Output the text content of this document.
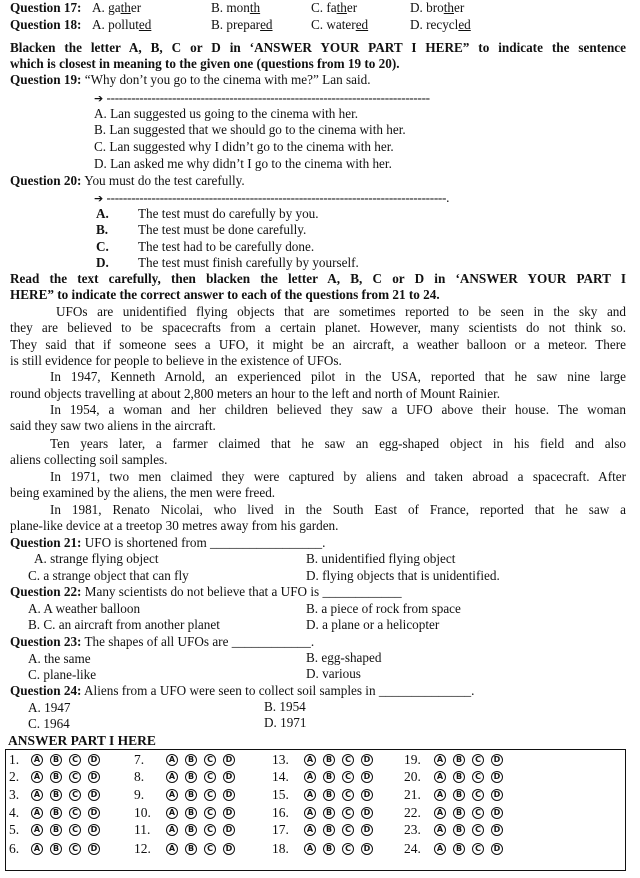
Question 17: A. gather	B. month	C. father	D. brother
Question 18: A. polluted	B. prepared	C. watered	D. recycled
Blacken the letter A, B, C or D in ‘ANSWER YOUR PART I HERE” to indicate the sentence
which is closest in meaning to the given one (questions from 19 to 20).
Question 19: “Why don’t you go to the cinema with me?” Lan said.
➔ -------------------------------------------------------------------------------
A. Lan suggested us going to the cinema with her.
B. Lan suggested that we should go to the cinema with her.
C. Lan suggested why I didn’t go to the cinema with her.
D. Lan asked me why didn’t I go to the cinema with her.
Question 20: You must do the test carefully.
➔ -----------------------------------------------------------------------------------.
A. The test must do carefully by you.
B. The test must be done carefully.
C. The test had to be carefully done.
D. The test must finish carefully by yourself.
Read the text carefully, then blacken the letter A, B, C or D in ‘ANSWER YOUR PART I
HERE” to indicate the correct answer to each of the questions from 21 to 24.
UFOs are unidentified flying objects that are sometimes reported to be seen in the sky and
they are believed to be spacecrafts from a certain planet. However, many scientists do not think so.
They said that if someone sees a UFO, it might be an aircraft, a weather balloon or a meteor. There
is still evidence for people to believe in the existence of UFOs.
In 1947, Kenneth Arnold, an experienced pilot in the USA, reported that he saw nine large
round objects travelling at about 2,800 meters an hour to the left and north of Mount Rainier.
In 1954, a woman and her children believed they saw a UFO above their house. The woman
said they saw two aliens in the aircraft.
Ten years later, a farmer claimed that he saw an egg-shaped object in his field and also
aliens collecting soil samples.
In 1971, two men claimed they were captured by aliens and taken abroad a spacecraft. After
being examined by the aliens, the men were freed.
In 1981, Renato Nicolai, who lived in the South East of France, reported that he saw a
plane-like device at a treetop 30 metres away from his garden.
Question 21: UFO is shortened from _________________.
A. strange flying object	B. unidentified flying object
C. a strange object that can fly	D. flying objects that is unidentified.
Question 22: Many scientists do not believe that a UFO is ____________
A. A weather balloon	B. a piece of rock from space
B. C. an aircraft from another planet	D. a plane or a helicopter
Question 23: The shapes of all UFOs are ____________.
A. the same	B. egg-shaped
C. plane-like	D. various
Question 24: Aliens from a UFO were seen to collect soil samples in ______________.
A. 1947	B. 1954
C. 1964	D. 1971
ANSWER PART I HERE
1.	A	B	C	D
2.	A	B	C	D
3.	A	B	C	D
4.	A	B	C	D
5.	A	B	C	D
6.	A	B	C	D
7.	A	B	C	D
8.	A	B	C	D
9.	A	B	C	D
10.	A	B	C	D
11.	A	B	C	D
12.	A	B	C	D
13.	A	B	C	D
14.	A	B	C	D
15.	A	B	C	D
16.	A	B	C	D
17.	A	B	C	D
18.	A	B	C	D
19.	A	B	C	D
20.	A	B	C	D
21.	A	B	C	D
22.	A	B	C	D
23.	A	B	C	D
24.	A	B	C	D
